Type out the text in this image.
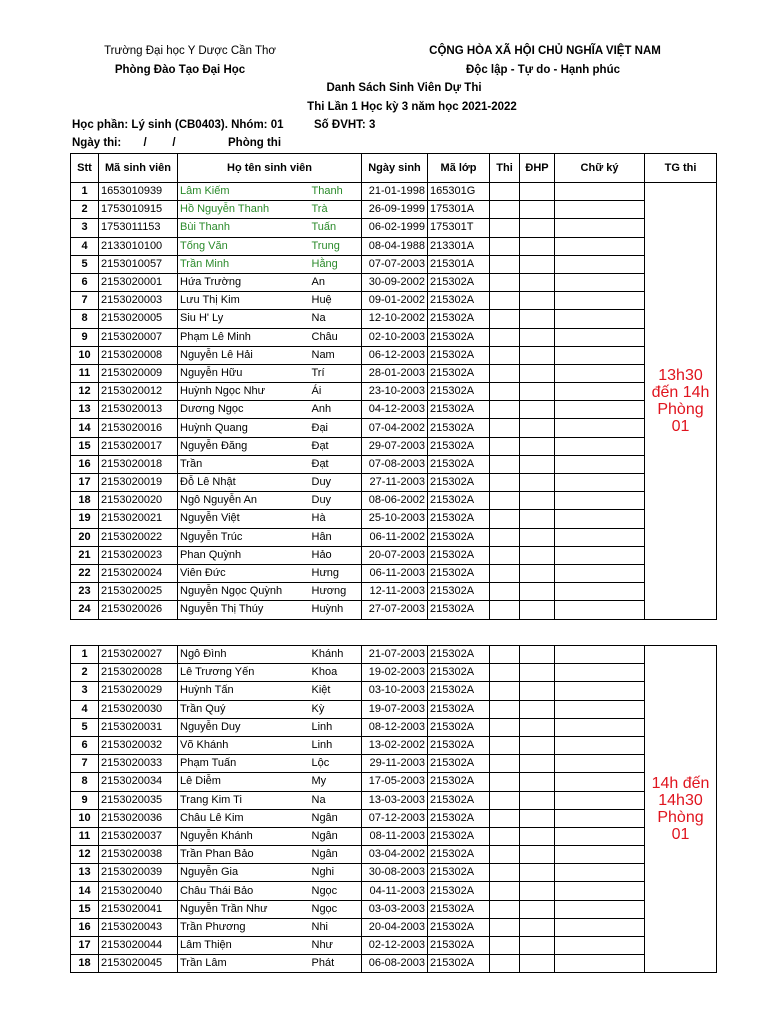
Trường Đại học Y Dược Cần Thơ
Phòng Đào Tạo Đại Học
CỘNG HÒA XÃ HỘI CHỦ NGHĨA VIỆT NAM
Độc lập - Tự do - Hạnh phúc
Danh Sách Sinh Viên Dự Thi
Thi Lần 1 Học kỳ 3 năm học 2021-2022
Học phần: Lý sinh (CB0403). Nhóm: 01	Số ĐVHT: 3
Ngày thi:       /        /	Phòng thi
Stt	Mã sinh viên	Họ tên sinh viên		Ngày sinh	Mã lớp	Thi	ĐHP	Chữ ký	TG thi
1	1653010939	Lâm Kiếm	Thanh	21-01-1998	165301G				13h30 đến 14h Phòng 01
2	1753010915	Hồ Nguyễn Thanh	Trà	26-09-1999	175301A				
3	1753011153	Bùi Thanh	Tuấn	06-02-1999	175301T				
4	2133010100	Tống Văn	Trung	08-04-1988	213301A				
5	2153010057	Trần Minh	Hằng	07-07-2003	215301A				
6	2153020001	Hứa Trường	An	30-09-2002	215302A				
7	2153020003	Lưu Thị Kim	Huệ	09-01-2002	215302A				
8	2153020005	Siu H' Ly	Na	12-10-2002	215302A				
9	2153020007	Phạm Lê Minh	Châu	02-10-2003	215302A				
10	2153020008	Nguyễn Lê Hải	Nam	06-12-2003	215302A				
11	2153020009	Nguyễn Hữu	Trí	28-01-2003	215302A				
12	2153020012	Huỳnh Ngọc Như	Ái	23-10-2003	215302A				
13	2153020013	Dương Ngọc	Anh	04-12-2003	215302A				
14	2153020016	Huỳnh Quang	Đại	07-04-2002	215302A				
15	2153020017	Nguyễn Đăng	Đạt	29-07-2003	215302A				
16	2153020018	Trần	Đạt	07-08-2003	215302A				
17	2153020019	Đỗ Lê Nhật	Duy	27-11-2003	215302A				
18	2153020020	Ngô Nguyễn An	Duy	08-06-2002	215302A				
19	2153020021	Nguyễn Việt	Hà	25-10-2003	215302A				
20	2153020022	Nguyễn Trúc	Hân	06-11-2002	215302A				
21	2153020023	Phan Quỳnh	Hảo	20-07-2003	215302A				
22	2153020024	Viên Đức	Hưng	06-11-2003	215302A				
23	2153020025	Nguyễn Ngọc Quỳnh	Hương	12-11-2003	215302A				
24	2153020026	Nguyễn Thị Thúy	Huỳnh	27-07-2003	215302A				
1	2153020027	Ngô Đình	Khánh	21-07-2003	215302A				14h đến 14h30 Phòng 01
2	2153020028	Lê Trương Yến	Khoa	19-02-2003	215302A				
3	2153020029	Huỳnh Tấn	Kiệt	03-10-2003	215302A				
4	2153020030	Trần Quý	Kỳ	19-07-2003	215302A				
5	2153020031	Nguyễn Duy	Linh	08-12-2003	215302A				
6	2153020032	Võ Khánh	Linh	13-02-2002	215302A				
7	2153020033	Phạm Tuấn	Lộc	29-11-2003	215302A				
8	2153020034	Lê Diễm	My	17-05-2003	215302A				
9	2153020035	Trang Kim Ti	Na	13-03-2003	215302A				
10	2153020036	Châu Lê Kim	Ngân	07-12-2003	215302A				
11	2153020037	Nguyễn Khánh	Ngân	08-11-2003	215302A				
12	2153020038	Trần Phan Bảo	Ngân	03-04-2002	215302A				
13	2153020039	Nguyễn Gia	Nghi	30-08-2003	215302A				
14	2153020040	Châu Thái Bảo	Ngọc	04-11-2003	215302A				
15	2153020041	Nguyễn Trần Như	Ngọc	03-03-2003	215302A				
16	2153020043	Trần Phương	Nhi	20-04-2003	215302A				
17	2153020044	Lâm Thiện	Như	02-12-2003	215302A				
18	2153020045	Trần Lâm	Phát	06-08-2003	215302A				
